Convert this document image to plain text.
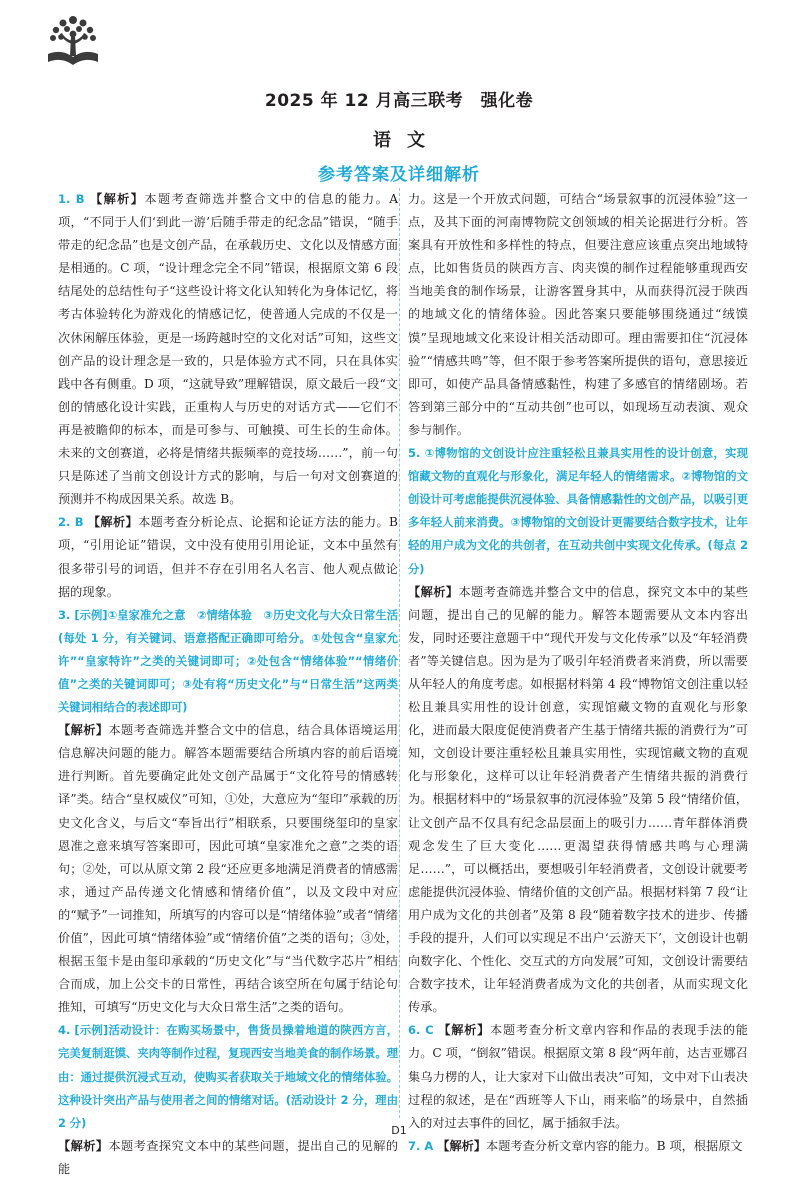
2025 年 12 月高三联考　强化卷
语文
参考答案及详细解析

1. B 【解析】本题考查筛选并整合文中的信息的能力。A 项，“不同于人们‘到此一游’后随手带走的纪念品”错误，“随手带走的纪念品”也是文创产品，在承载历史、文化以及情感方面是相通的。C 项，“设计理念完全不同”错误，根据原文第 6 段结尾处的总结性句子“这些设计将文化认知转化为身体记忆，将考古体验转化为游戏化的情感记忆，使普通人完成的不仅是一次休闲解压体验，更是一场跨越时空的文化对话”可知，这些文创产品的设计理念是一致的，只是体验方式不同，只在具体实践中各有侧重。D 项，“这就导致”理解错误，原文最后一段“文创的情感化设计实践，正重构人与历史的对话方式——它们不再是被瞻仰的标本，而是可参与、可触摸、可生长的生命体。未来的文创赛道，必将是情绪共振频率的竞技场……”，前一句只是陈述了当前文创设计方式的影响，与后一句对文创赛道的预测并不构成因果关系。故选 B。

2. B 【解析】本题考查分析论点、论据和论证方法的能力。B 项，“引用论证”错误，文中没有使用引用论证，文本中虽然有很多带引号的词语，但并不存在引用名人名言、他人观点做论据的现象。

3. [示例]①皇家准允之意　②情绪体验　③历史文化与大众日常生活(每处 1 分，有关键词、语意搭配正确即可给分。①处包含“皇家允许”“皇家特许”之类的关键词即可；②处包含“情绪体验”“情绪价值”之类的关键词即可；③处有将“历史文化”与“日常生活”这两类关键词相结合的表述即可)

【解析】本题考查筛选并整合文中的信息，结合具体语境运用信息解决问题的能力。解答本题需要结合所填内容的前后语境进行判断。首先要确定此处文创产品属于“文化符号的情感转译”类。结合“皇权威仪”可知，①处，大意应为“玺印”承载的历史文化含义，与后文“奉旨出行”相联系，只要围绕玺印的皇家恩准之意来填写答案即可，因此可填“皇家准允之意”之类的语句；②处，可以从原文第 2 段“还应更多地满足消费者的情感需求，通过产品传递文化情感和情绪价值”，以及文段中对应的“赋予”一词推知，所填写的内容可以是“情绪体验”或者“情绪价值”，因此可填“情绪体验”或“情绪价值”之类的语句；③处，根据玉玺卡是由玺印承载的“历史文化”与“当代数字芯片”相结合而成，加上公交卡的日常性，再结合该空所在句属于结论句推知，可填写“历史文化与大众日常生活”之类的语句。

4. [示例]活动设计：在购买场景中，售货员操着地道的陕西方言，完美复制逛馍、夹肉等制作过程，复现西安当地美食的制作场景。理由：通过提供沉浸式互动，使购买者获取关于地域文化的情绪体验。这种设计突出产品与使用者之间的情绪对话。(活动设计 2 分，理由 2 分)

【解析】本题考查探究文本中的某些问题，提出自己的见解的能

力。这是一个开放式问题，可结合“场景叙事的沉浸体验”这一点，及其下面的河南博物院文创领域的相关论据进行分析。答案具有开放性和多样性的特点，但要注意应该重点突出地域特点，比如售货员的陕西方言、肉夹馍的制作过程能够重现西安当地美食的制作场景，让游客置身其中，从而获得沉浸于陕西的地域文化的情绪体验。因此答案只要能够围绕通过“绒馍馍”呈现地域文化来设计相关活动即可。理由需要扣住“沉浸体验”“情感共鸣”等，但不限于参考答案所提供的语句，意思接近即可，如使产品具备情感黏性，构建了多感官的情绪剧场。若答到第三部分中的“互动共创”也可以，如现场互动表演、观众参与制作。

5. ①博物馆的文创设计应注重轻松且兼具实用性的设计创意，实现馆藏文物的直观化与形象化，满足年轻人的情绪需求。②博物馆的文创设计可考虑能提供沉浸体验、具备情感黏性的文创产品，以吸引更多年轻人前来消费。③博物馆的文创设计更需要结合数字技术，让年轻的用户成为文化的共创者，在互动共创中实现文化传承。(每点 2 分)

【解析】本题考查筛选并整合文中的信息，探究文本中的某些问题，提出自己的见解的能力。解答本题需要从文本内容出发，同时还要注意题干中“现代开发与文化传承”以及“年轻消费者”等关键信息。因为是为了吸引年轻消费者来消费，所以需要从年轻人的角度考虑。如根据材料第 4 段“博物馆文创注重以轻松且兼具实用性的设计创意，实现馆藏文物的直观化与形象化，进而最大限度促使消费者产生基于情绪共振的消费行为”可知，文创设计要注重轻松且兼具实用性，实现馆藏文物的直观化与形象化，这样可以让年轻消费者产生情绪共振的消费行为。根据材料中的“场景叙事的沉浸体验”及第 5 段“情绪价值，让文创产品不仅具有纪念品层面上的吸引力……青年群体消费观念发生了巨大变化……更渴望获得情感共鸣与心理满足……”，可以概括出，要想吸引年轻消费者，文创设计就要考虑能提供沉浸体验、情绪价值的文创产品。根据材料第 7 段“让用户成为文化的共创者”及第 8 段“随着数字技术的进步、传播手段的提升，人们可以实现足不出户‘云游天下’，文创设计也朝向数字化、个性化、交互式的方向发展”可知，文创设计需要结合数字技术，让年轻消费者成为文化的共创者，从而实现文化传承。

6. C 【解析】本题考查分析文章内容和作品的表现手法的能力。C 项，“倒叙”错误。根据原文第 8 段“两年前，达吉亚娜召集乌力楞的人，让大家对下山做出表决”可知，文中对下山表决过程的叙述，是在“西班等人下山，雨来临”的场景中，自然插入的对过去事件的回忆，属于插叙手法。

7. A 【解析】本题考查分析文章内容的能力。B 项，根据原文

D1
